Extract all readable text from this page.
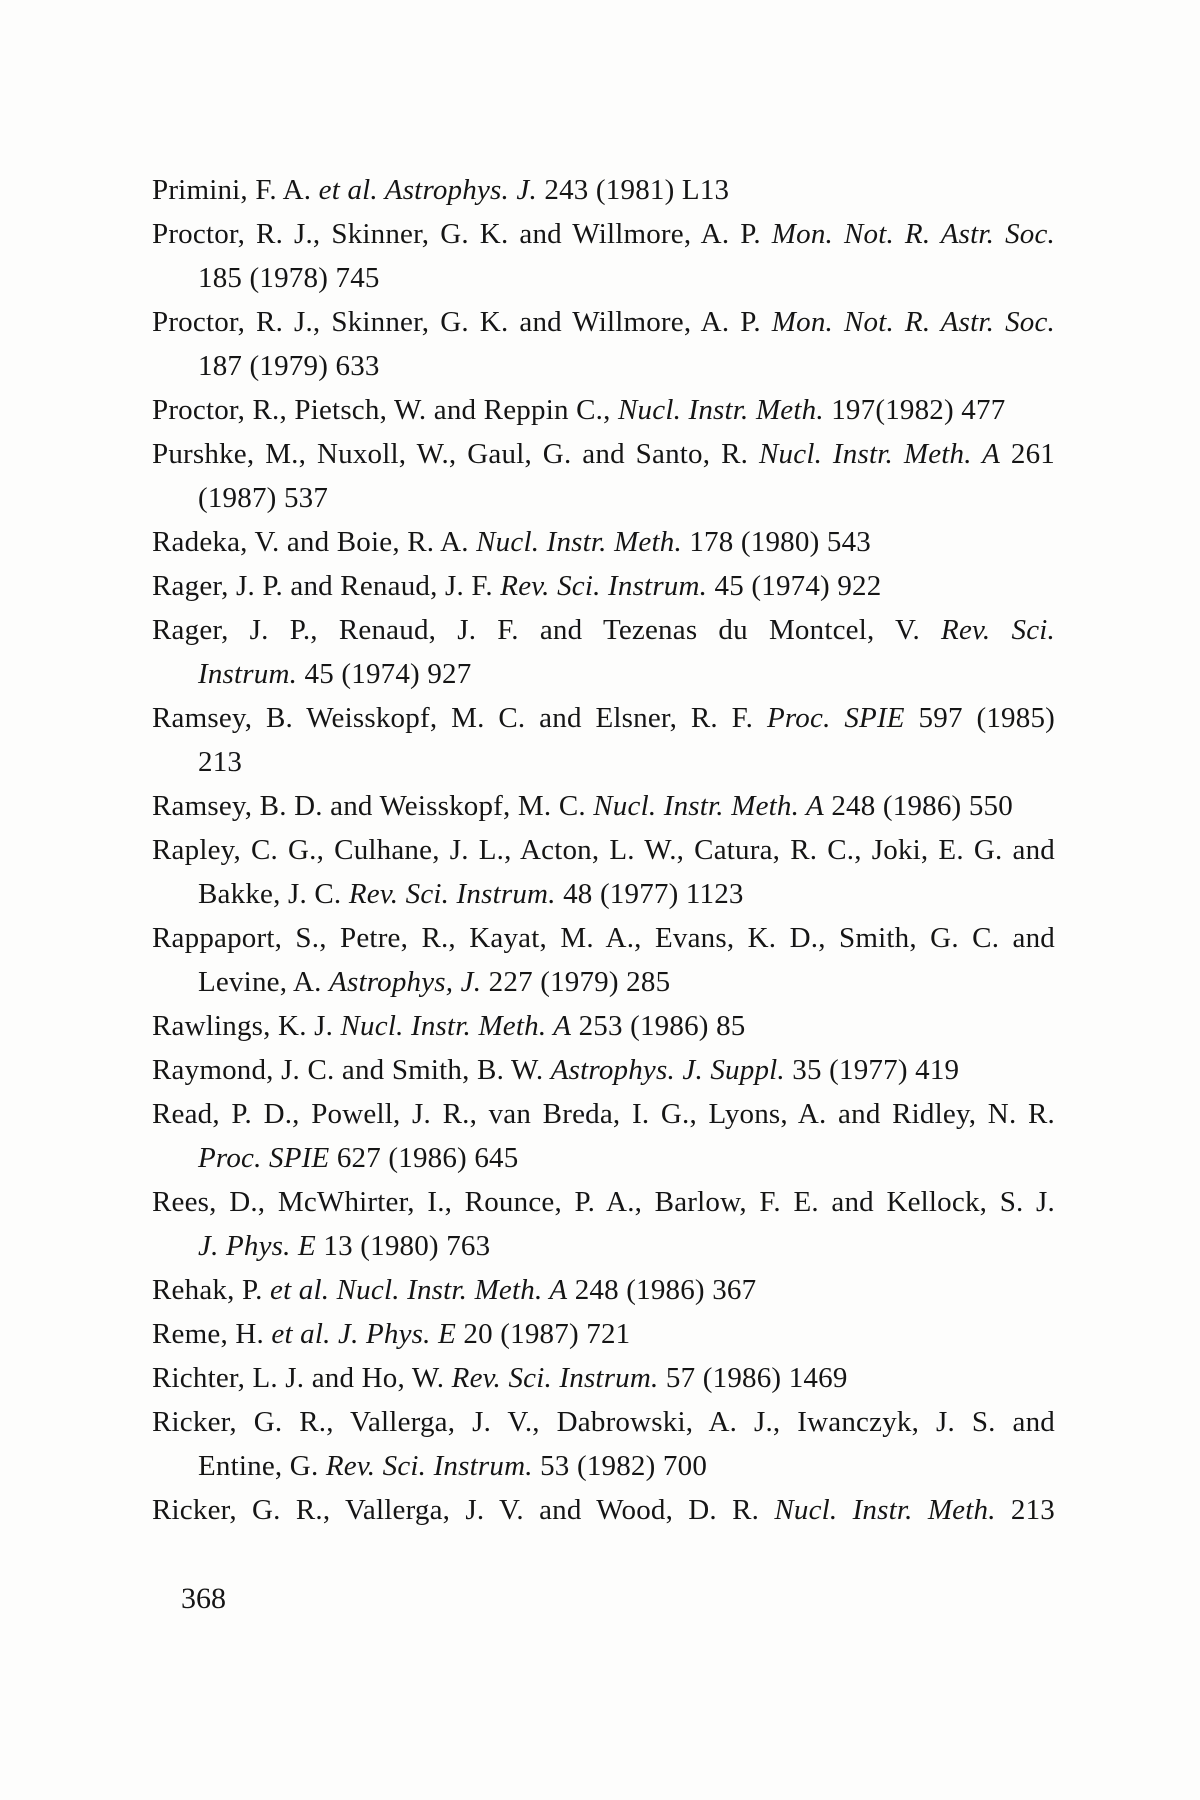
Primini, F. A. et al. Astrophys. J. 243 (1981) L13
Proctor, R. J., Skinner, G. K. and Willmore, A. P. Mon. Not. R. Astr. Soc.
185 (1978) 745
Proctor, R. J., Skinner, G. K. and Willmore, A. P. Mon. Not. R. Astr. Soc.
187 (1979) 633
Proctor, R., Pietsch, W. and Reppin C., Nucl. Instr. Meth. 197(1982) 477
Purshke, M., Nuxoll, W., Gaul, G. and Santo, R. Nucl. Instr. Meth. A 261
(1987) 537
Radeka, V. and Boie, R. A. Nucl. Instr. Meth. 178 (1980) 543
Rager, J. P. and Renaud, J. F. Rev. Sci. Instrum. 45 (1974) 922
Rager, J. P., Renaud, J. F. and Tezenas du Montcel, V. Rev. Sci.
Instrum. 45 (1974) 927
Ramsey, B. Weisskopf, M. C. and Elsner, R. F. Proc. SPIE 597 (1985)
213
Ramsey, B. D. and Weisskopf, M. C. Nucl. Instr. Meth. A 248 (1986) 550
Rapley, C. G., Culhane, J. L., Acton, L. W., Catura, R. C., Joki, E. G. and
Bakke, J. C. Rev. Sci. Instrum. 48 (1977) 1123
Rappaport, S., Petre, R., Kayat, M. A., Evans, K. D., Smith, G. C. and
Levine, A. Astrophys, J. 227 (1979) 285
Rawlings, K. J. Nucl. Instr. Meth. A 253 (1986) 85
Raymond, J. C. and Smith, B. W. Astrophys. J. Suppl. 35 (1977) 419
Read, P. D., Powell, J. R., van Breda, I. G., Lyons, A. and Ridley, N. R.
Proc. SPIE 627 (1986) 645
Rees, D., McWhirter, I., Rounce, P. A., Barlow, F. E. and Kellock, S. J.
J. Phys. E 13 (1980) 763
Rehak, P. et al. Nucl. Instr. Meth. A 248 (1986) 367
Reme, H. et al. J. Phys. E 20 (1987) 721
Richter, L. J. and Ho, W. Rev. Sci. Instrum. 57 (1986) 1469
Ricker, G. R., Vallerga, J. V., Dabrowski, A. J., Iwanczyk, J. S. and
Entine, G. Rev. Sci. Instrum. 53 (1982) 700
Ricker, G. R., Vallerga, J. V. and Wood, D. R. Nucl. Instr. Meth. 213
368
